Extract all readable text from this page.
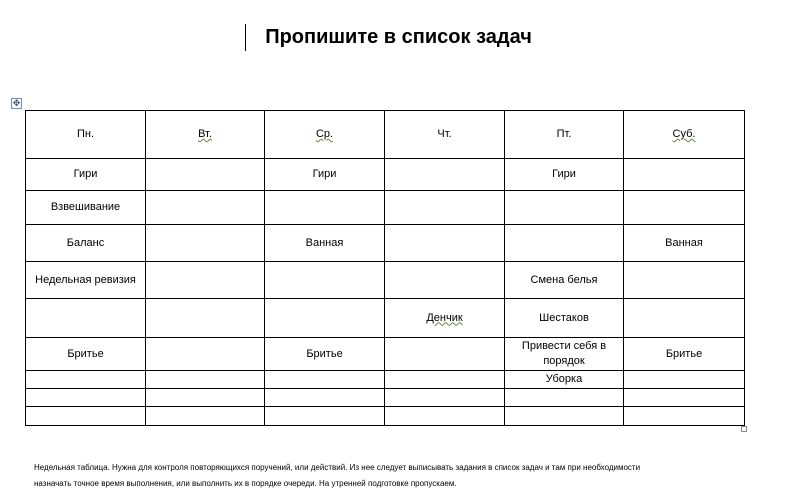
Пропишите в список задач
✥
Пн.	Вт.	Ср.	Чт.	Пт.	Суб.
Гири		Гири		Гири	
Взвешивание					
Баланс		Ванная			Ванная
Недельная ревизия				Смена белья	
			Денчик	Шестаков	
Бритье		Бритье		Привести себя в порядок	Бритье
				Уборка	

Недельная таблица. Нужна для контроля повторяющихся поручений, или действий. Из нее следует выписывать задания в список задач и там при необходимости
назначать точное время выполнения, или выполнить их в порядке очереди. На утренней подготовке пропускаем.
